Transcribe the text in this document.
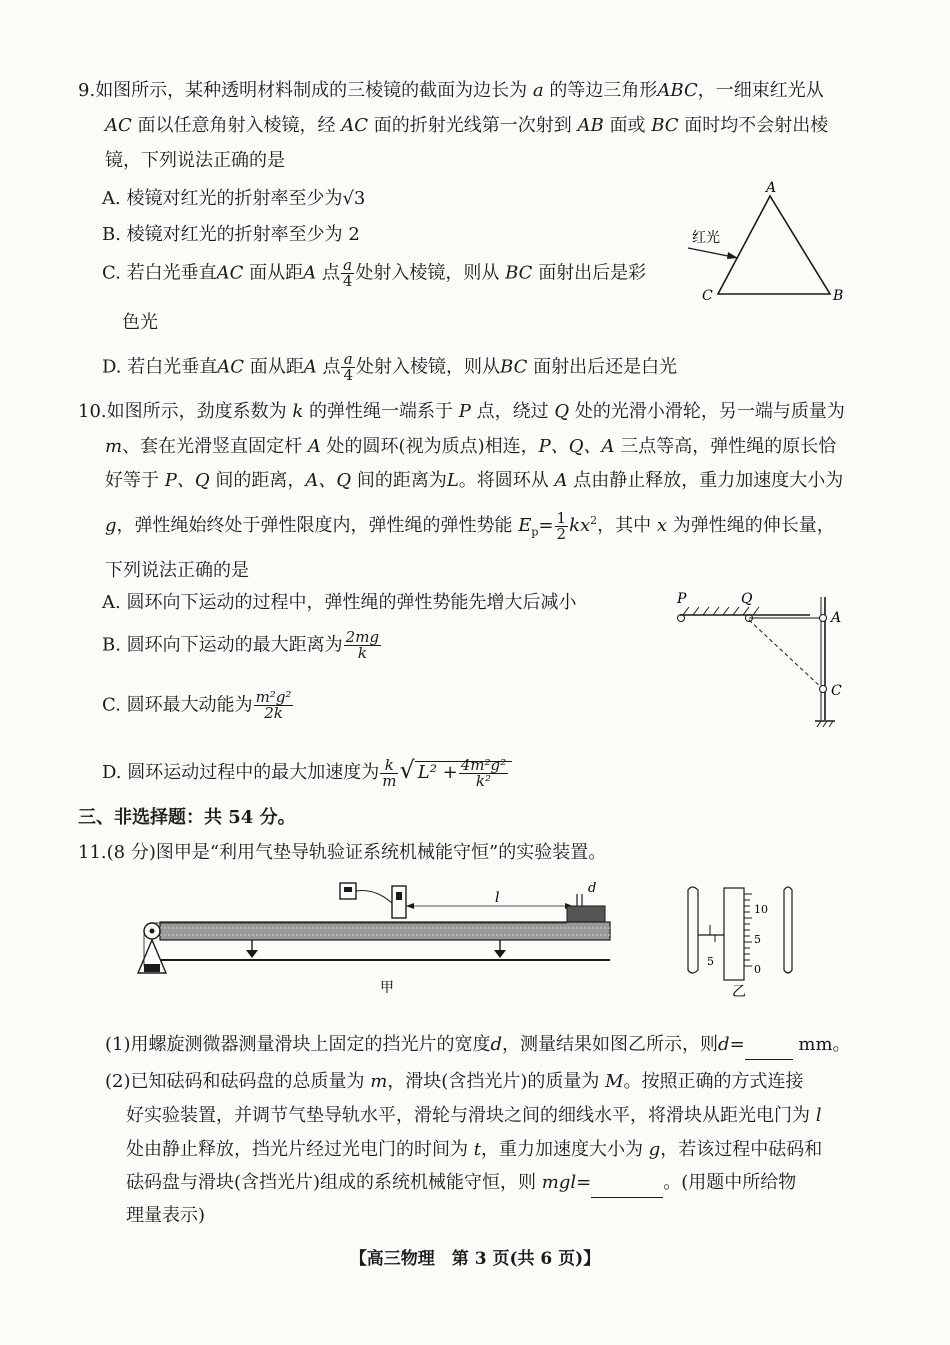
9.如图所示，某种透明材料制成的三棱镜的截面为边长为 a 的等边三角形ABC，一细束红光从
AC 面以任意角射入棱镜，经 AC 面的折射光线第一次射到 AB 面或 BC 面时均不会射出棱
镜，下列说法正确的是
A. 棱镜对红光的折射率至少为√3
B. 棱镜对红光的折射率至少为 2
C. 若白光垂直AC 面从距A 点 $\frac{a}{4}$ 处射入棱镜，则从 BC 面射出后是彩
色光
D. 若白光垂直AC 面从距A 点 $\frac{a}{4}$ 处射入棱镜，则从BC 面射出后还是白光
A
C	B
红光
10.如图所示，劲度系数为 k 的弹性绳一端系于 P 点，绕过 Q 处的光滑小滑轮，另一端与质量为
m、套在光滑竖直固定杆 A 处的圆环(视为质点)相连，P、Q、A 三点等高，弹性绳的原长恰
好等于 P、Q 间的距离，A、Q 间的距离为L。将圆环从 A 点由静止释放，重力加速度大小为
g，弹性绳始终处于弹性限度内，弹性绳的弹性势能 $E_p= \frac{1}{2} kx^2$，其中 x 为弹性绳的伸长量，
下列说法正确的是
A. 圆环向下运动的过程中，弹性绳的弹性势能先增大后减小
B. 圆环向下运动的最大距离为 $\frac{2mg}{k}$
C. 圆环最大动能为 $\frac{\text{m²g²}}{2k}$
D. 圆环运动过程中的最大加速度为 $\frac{k}{m}$ √ $L^2 + \frac{\text{4m²g²}}{\text{k²}}$
P	Q
A
C
三、非选择题：共 54 分。
11.(8 分)图甲是“利用气垫导轨验证系统机械能守恒”的实验装置。
l
d
甲
5
10
5
0
乙
(1)用螺旋测微器测量滑块上固定的挡光片的宽度d，测量结果如图乙所示，则d=	mm。
(2)已知砝码和砝码盘的总质量为 m，滑块(含挡光片)的质量为 M。按照正确的方式连接
好实验装置，并调节气垫导轨水平，滑轮与滑块之间的细线水平，将滑块从距光电门为 l
处由静止释放，挡光片经过光电门的时间为 t，重力加速度大小为 g，若该过程中砝码和
砝码盘与滑块(含挡光片)组成的系统机械能守恒，则 mgl=	。(用题中所给物
理量表示)
【高三物理　第 3 页(共 6 页)】
